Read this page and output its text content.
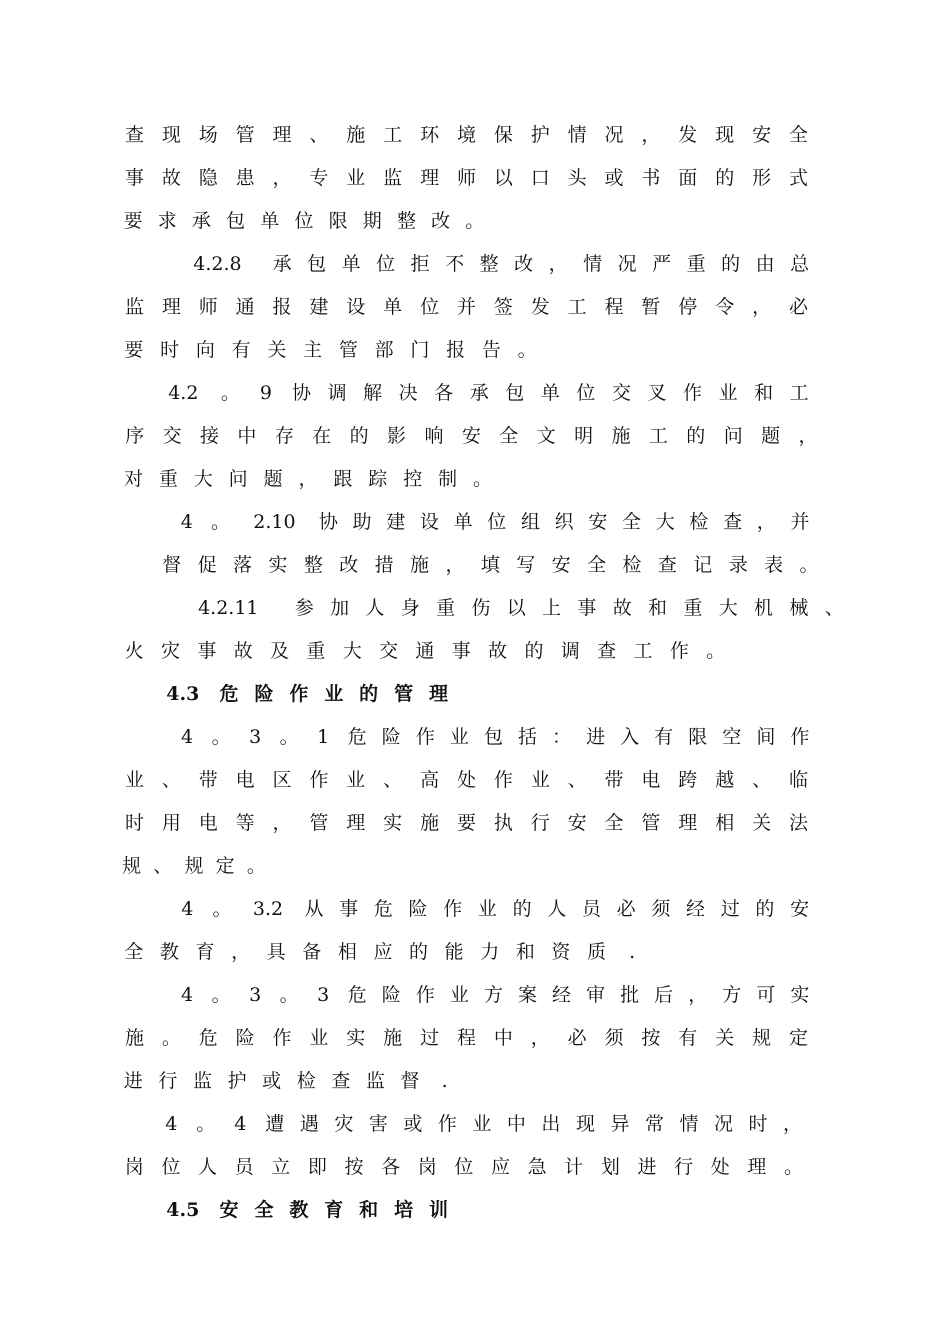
查 现 场 管 理 、 施 工 环 境 保 护 情 况 ， 发 现 安 全
事 故 隐 患 ， 专 业 监 理 师 以 口 头 或 书 面 的 形 式
要 求 承 包 单 位 限 期 整 改 。
4.2.8 承 包 单 位 拒 不 整 改 ， 情 况 严 重 的 由 总
监 理 师 通 报 建 设 单 位 并 签 发 工 程 暂 停 令 ， 必
要 时 向 有 关 主 管 部 门 报 告 。
4.2 。 9 协 调 解 决 各 承 包 单 位 交 叉 作 业 和 工
序 交 接 中 存 在 的 影 响 安 全 文 明 施 工 的 问 题 ，
对 重 大 问 题 ， 跟 踪 控 制 。
4 。 2.10 协 助 建 设 单 位 组 织 安 全 大 检 查 ， 并
督 促 落 实 整 改 措 施 ， 填 写 安 全 检 查 记 录 表 。
4.2.11 参 加 人 身 重 伤 以 上 事 故 和 重 大 机 械 、
火 灾 事 故 及 重 大 交 通 事 故 的 调 查 工 作 。
4.3 危 险 作 业 的 管 理
4 。 3 。 1 危 险 作 业 包 括 ： 进 入 有 限 空 间 作
业 、 带 电 区 作 业 、 高 处 作 业 、 带 电 跨 越 、 临
时 用 电 等 ， 管 理 实 施 要 执 行 安 全 管 理 相 关 法
规 、 规 定 。
4 。 3.2 从 事 危 险 作 业 的 人 员 必 须 经 过 的 安
全 教 育 ， 具 备 相 应 的 能 力 和 资 质 .
4 。 3 。 3 危 险 作 业 方 案 经 审 批 后 ， 方 可 实
施 。 危 险 作 业 实 施 过 程 中 ， 必 须 按 有 关 规 定
进 行 监 护 或 检 查 监 督 .
4 。 4 遭 遇 灾 害 或 作 业 中 出 现 异 常 情 况 时 ，
岗 位 人 员 立 即 按 各 岗 位 应 急 计 划 进 行 处 理 。
4.5 安 全 教 育 和 培 训
